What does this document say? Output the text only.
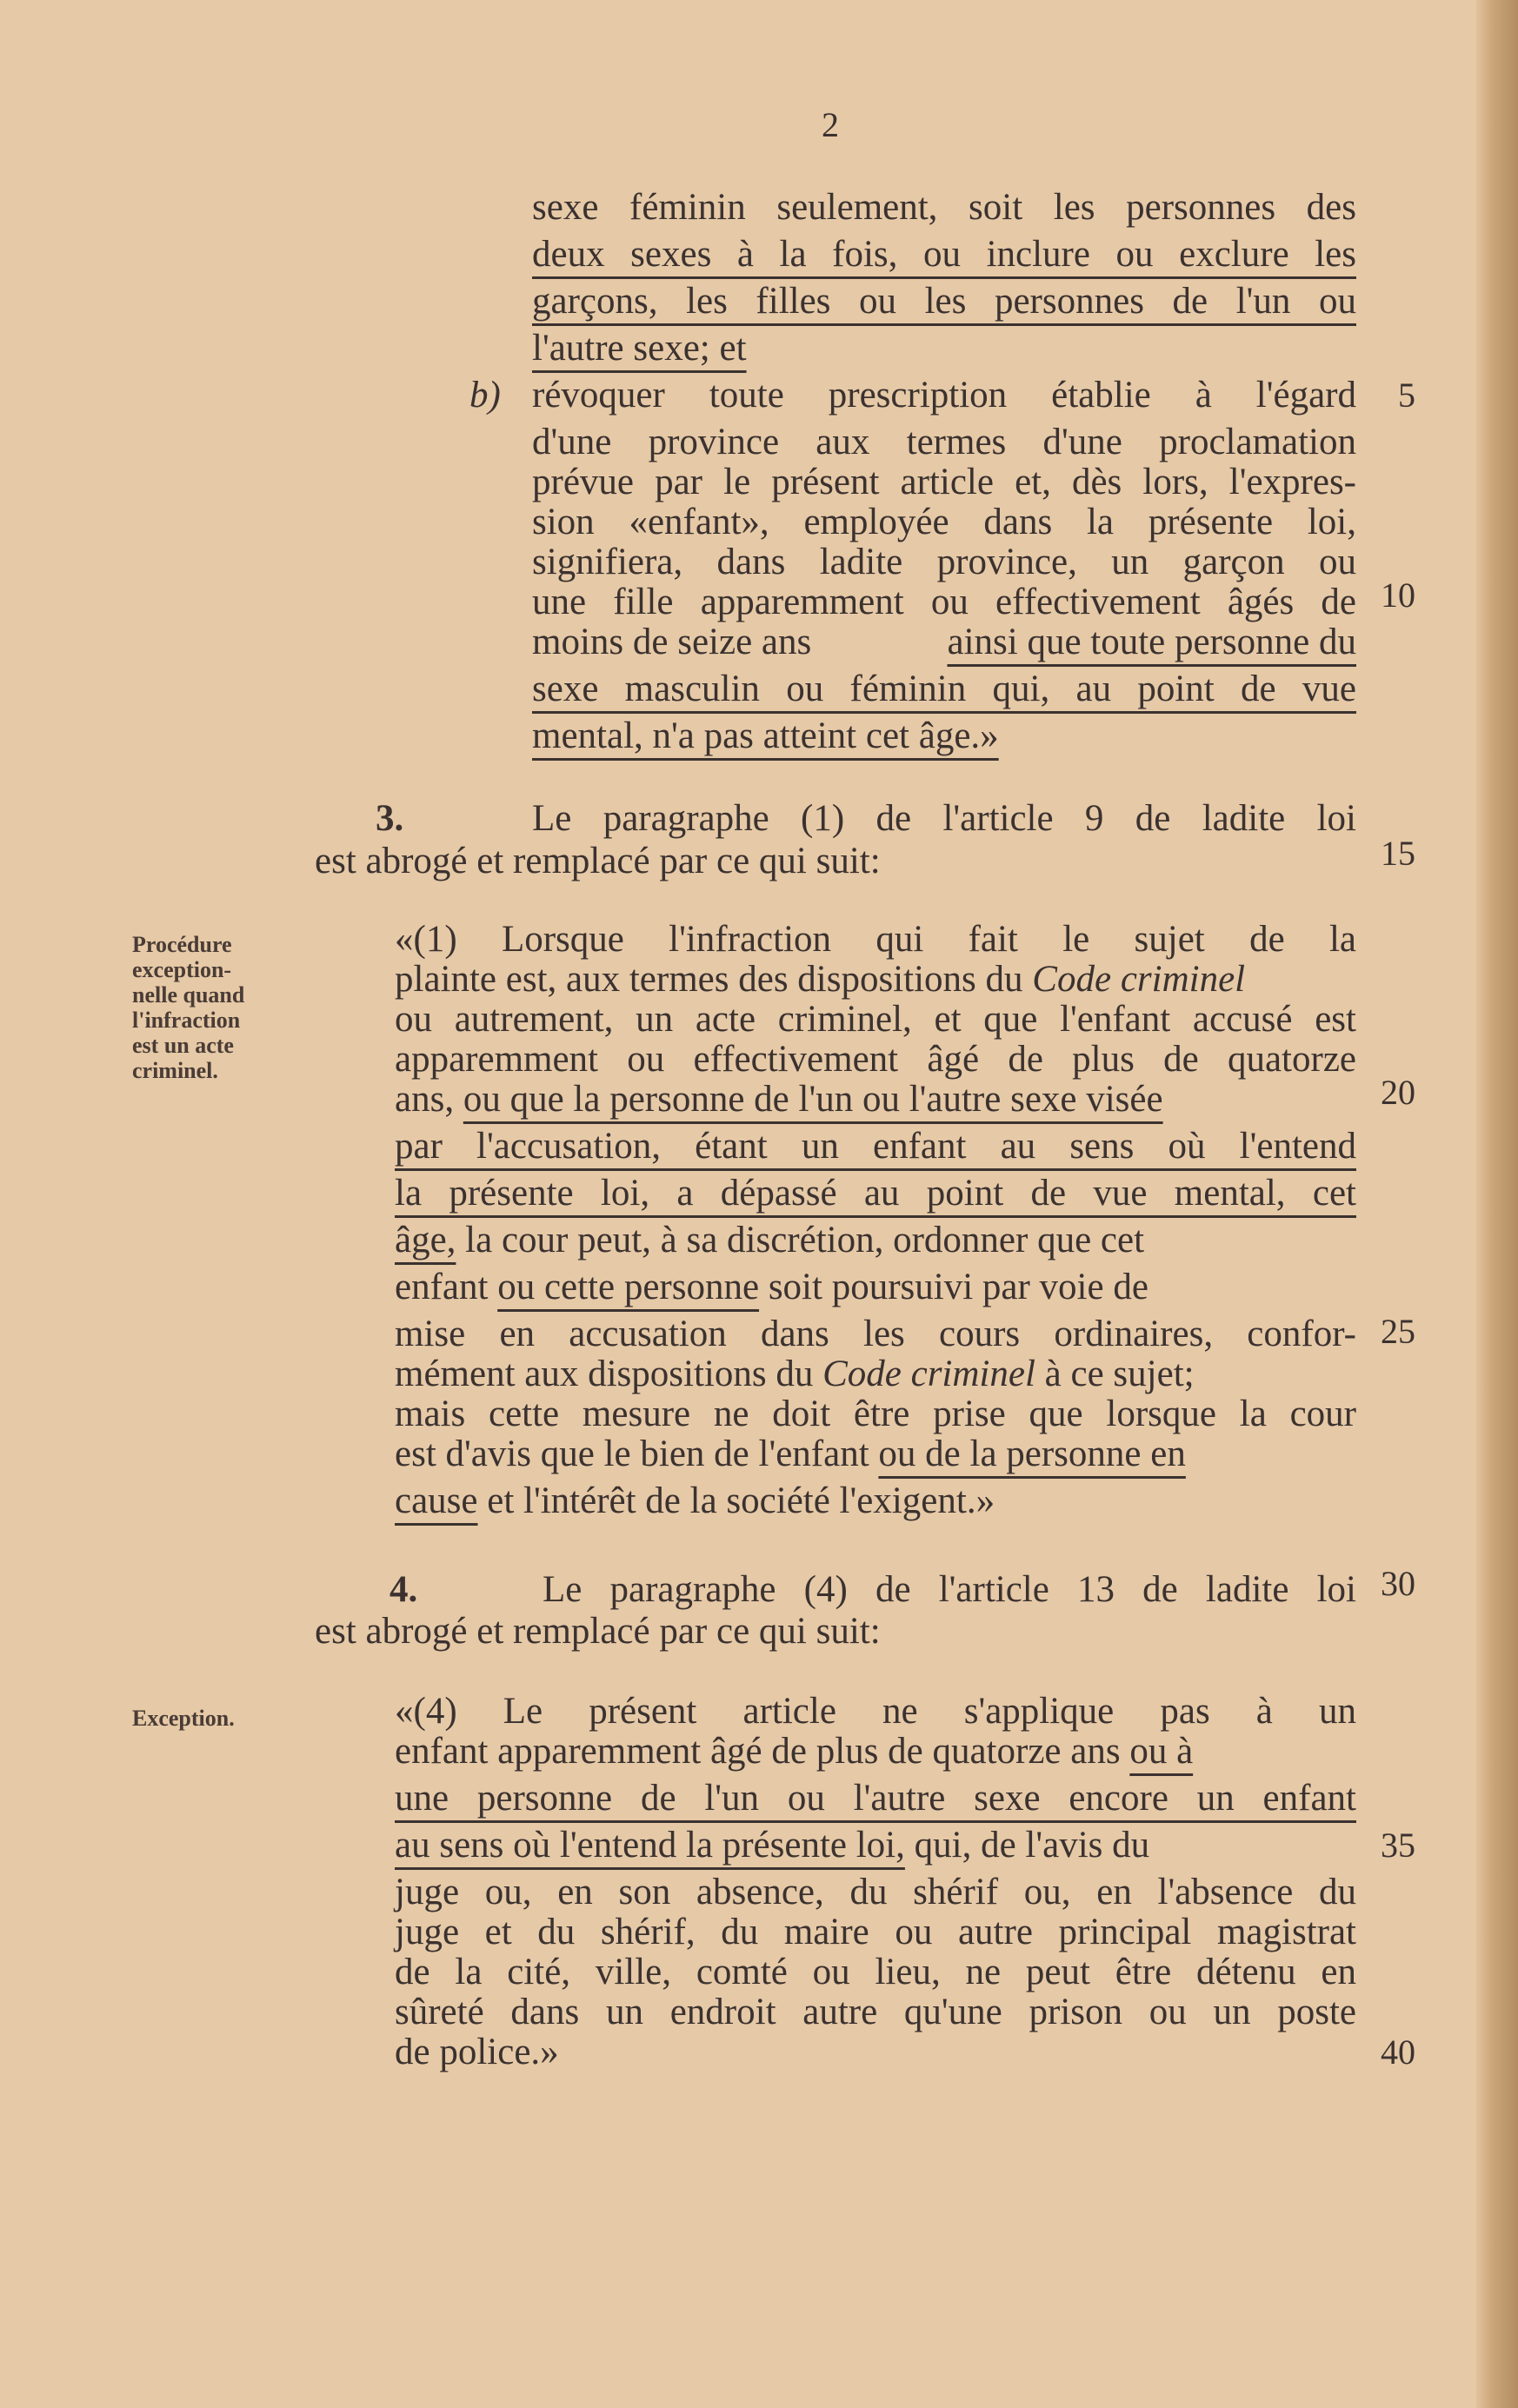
2
sexe féminin seulement, soit les personnes des
deux sexes à la fois, ou inclure ou exclure les
garçons, les filles ou les personnes de l'un ou
l'autre sexe; et
b) révoquer toute prescription établie à l'égard
d'une province aux termes d'une proclamation
prévue par le présent article et, dès lors, l'expres-
sion «enfant», employée dans la présente loi,
signifiera, dans ladite province, un garçon ou
une fille apparemment ou effectivement âgés de
moins de seize ans	ainsi que toute personne du
sexe masculin ou féminin qui, au point de vue
mental, n'a pas atteint cet âge.»
3.	Le paragraphe (1) de l'article 9 de ladite loi
est abrogé et remplacé par ce qui suit:
Procédure
exception-
nelle quand
l'infraction
est un acte
criminel.
«(1) Lorsque l'infraction qui fait le sujet de la
plainte est, aux termes des dispositions du Code criminel
ou autrement, un acte criminel, et que l'enfant accusé est
apparemment ou effectivement âgé de plus de quatorze
ans, ou que la personne de l'un ou l'autre sexe visée
par l'accusation, étant un enfant au sens où l'entend
la présente loi, a dépassé au point de vue mental, cet
âge, la cour peut, à sa discrétion, ordonner que cet
enfant ou cette personne soit poursuivi par voie de
mise en accusation dans les cours ordinaires, confor-
mément aux dispositions du Code criminel à ce sujet;
mais cette mesure ne doit être prise que lorsque la cour
est d'avis que le bien de l'enfant ou de la personne en
cause et l'intérêt de la société l'exigent.»
4.	Le paragraphe (4) de l'article 13 de ladite loi
est abrogé et remplacé par ce qui suit:
Exception.	«(4) Le présent article ne s'applique pas à un
enfant apparemment âgé de plus de quatorze ans ou à
une personne de l'un ou l'autre sexe encore un enfant
au sens où l'entend la présente loi, qui, de l'avis du
juge ou, en son absence, du shérif ou, en l'absence du
juge et du shérif, du maire ou autre principal magistrat
de la cité, ville, comté ou lieu, ne peut être détenu en
sûreté dans un endroit autre qu'une prison ou un poste
de police.»
5
10
15
20
25
30
35
40
